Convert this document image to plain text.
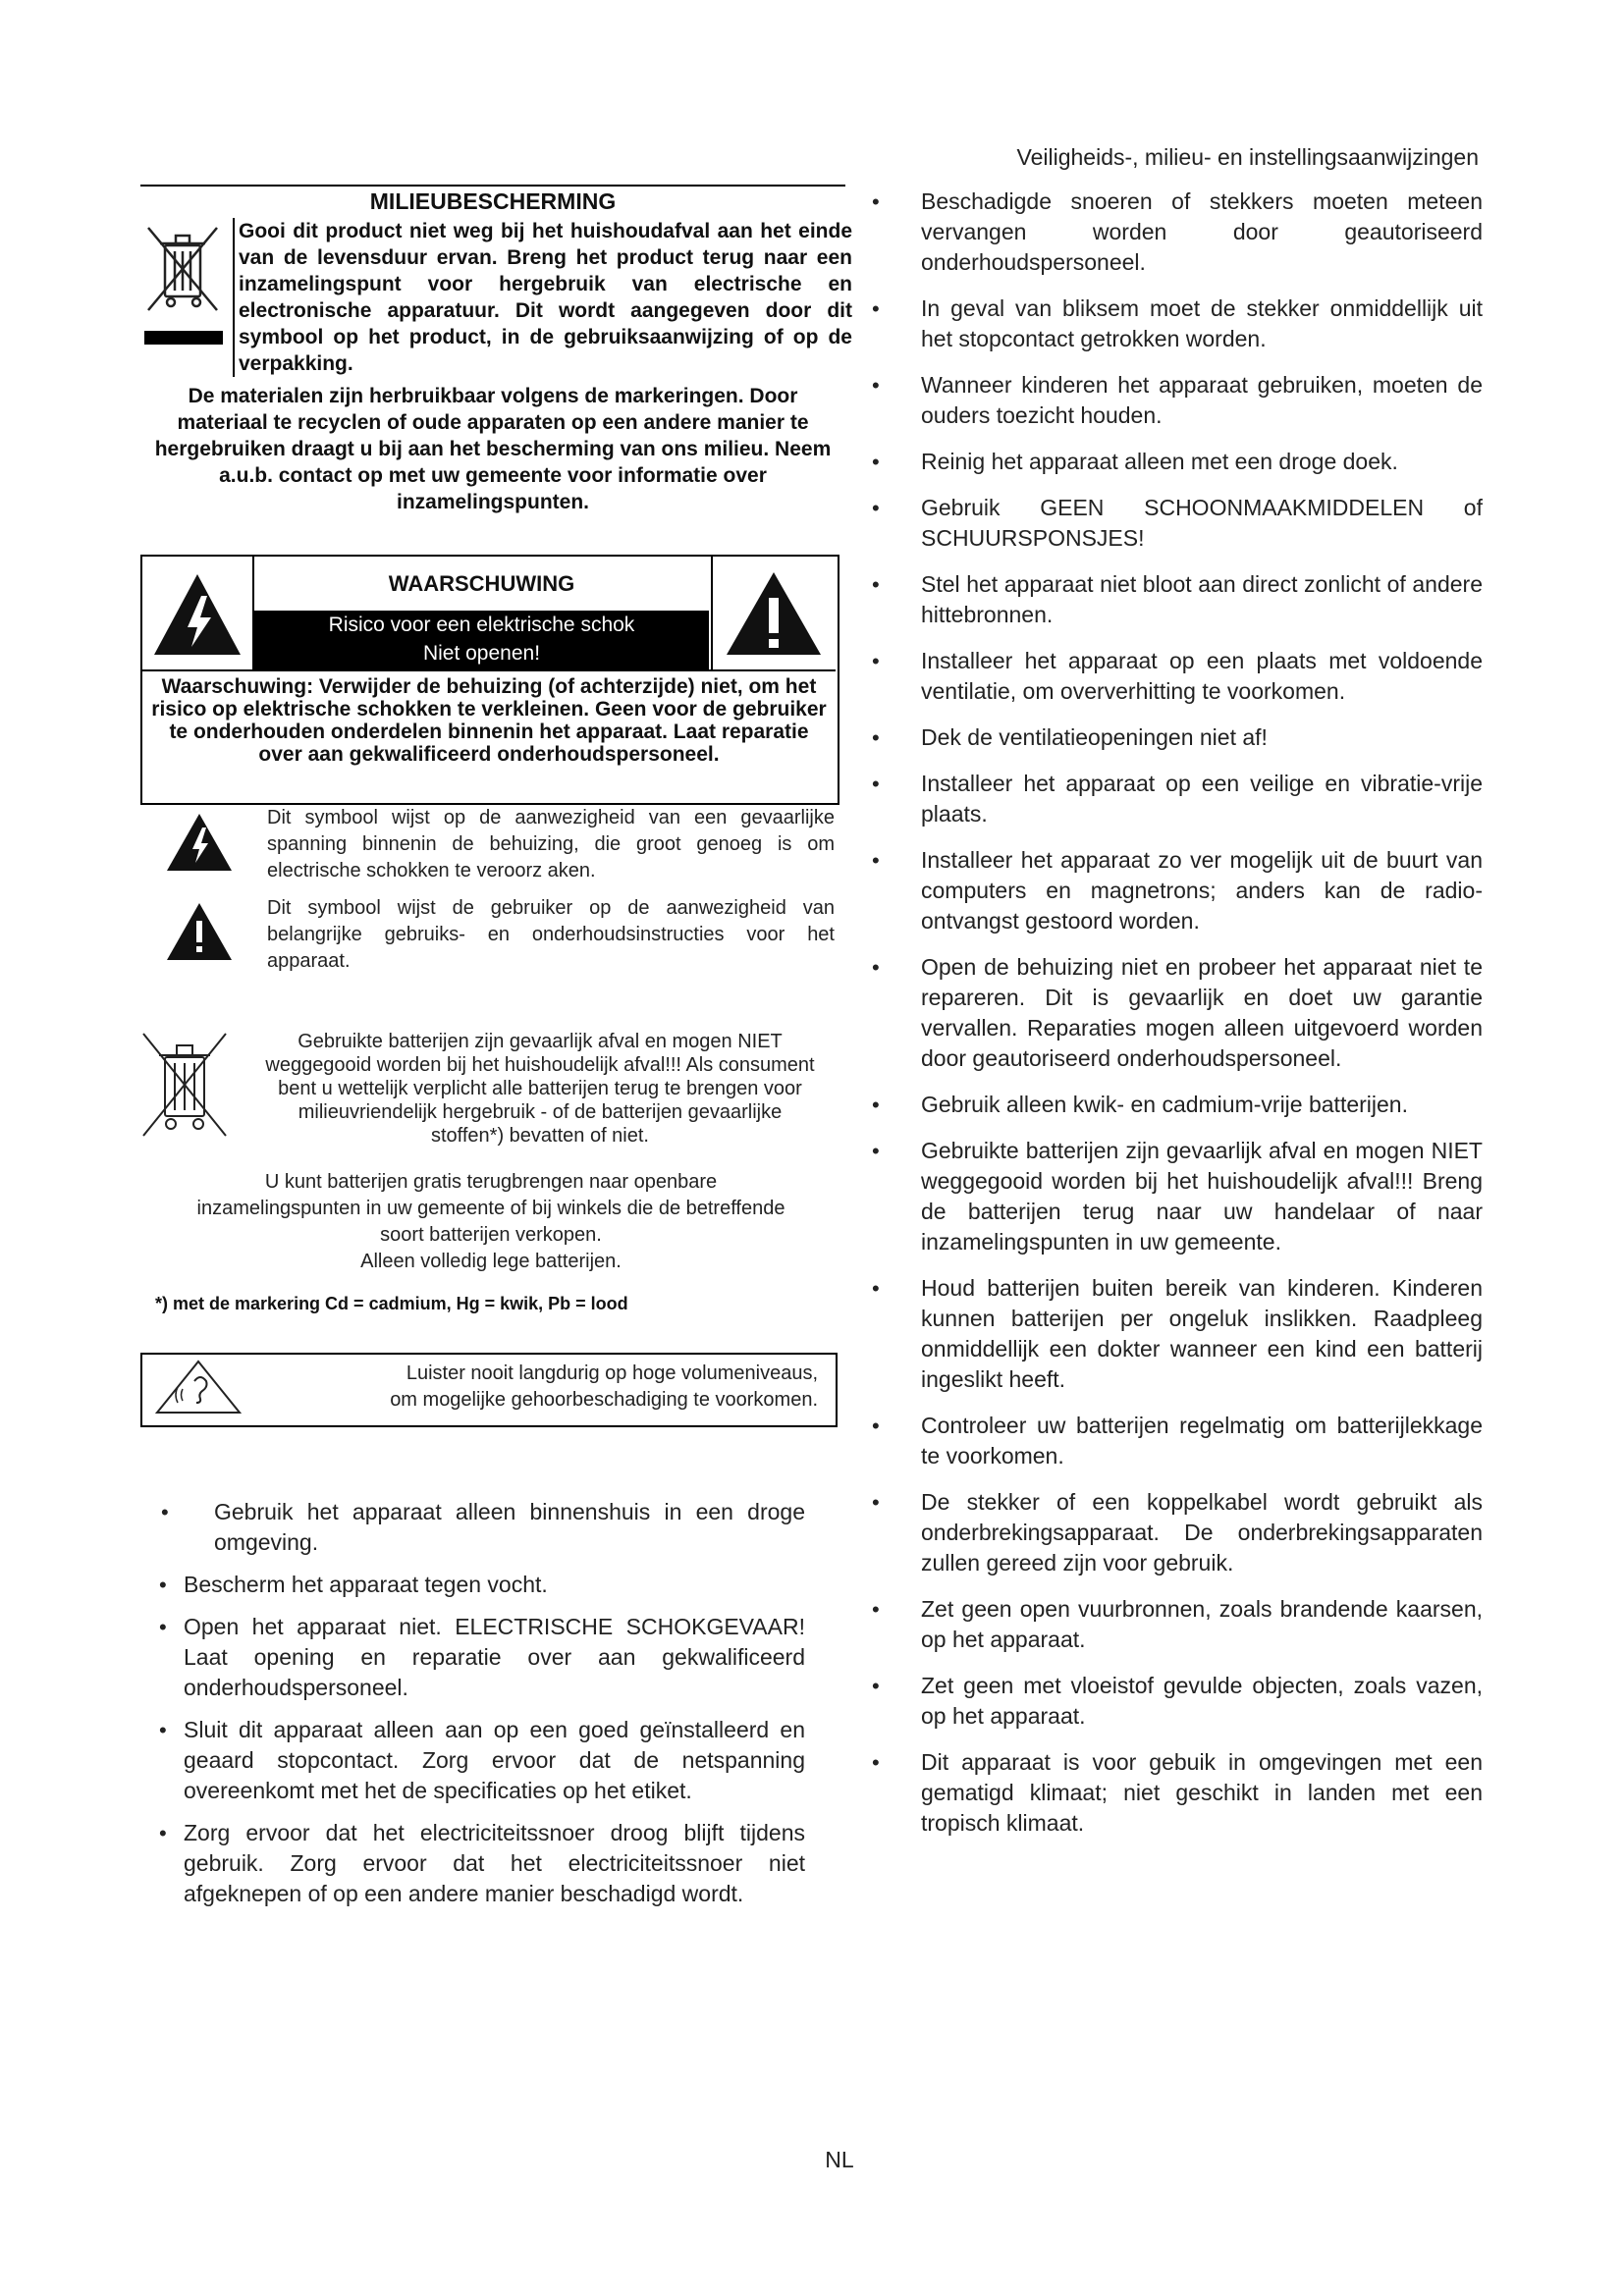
Veiligheids-, milieu- en instellingsaanwijzingen
MILIEUBESCHERMING
Gooi dit product niet weg bij het huishoudafval aan het einde van de levensduur ervan. Breng het product terug naar een inzamelingspunt voor hergebruik van electrische en electronische apparatuur. Dit wordt aangegeven door dit symbool op het product, in de gebruiksaanwijzing of op de verpakking.
De materialen zijn herbruikbaar volgens de markeringen. Door materiaal te recyclen of oude apparaten op een andere manier te hergebruiken draagt u bij aan het bescherming van ons milieu. Neem a.u.b. contact op met uw gemeente voor informatie over inzamelingspunten.
WAARSCHUWING
Risico voor een elektrische schok
Niet openen!
Waarschuwing: Verwijder de behuizing (of achterzijde) niet, om het risico op elektrische schokken te verkleinen. Geen voor de gebruiker te onderhouden onderdelen binnenin het apparaat. Laat reparatie over aan gekwalificeerd onderhoudspersoneel.
Dit symbool wijst op de aanwezigheid van een gevaarlijke spanning binnenin de behuizing, die groot genoeg is om electrische schokken te veroorz aken.
Dit symbool wijst de gebruiker op de aanwezigheid van belangrijke gebruiks- en onderhoudsinstructies voor het apparaat.
Gebruikte batterijen zijn gevaarlijk afval en mogen NIET weggegooid worden bij het huishoudelijk afval!!! Als consument bent u wettelijk verplicht alle batterijen terug te brengen voor milieuvriendelijk hergebruik - of de batterijen gevaarlijke stoffen*) bevatten of niet.
U kunt batterijen gratis terugbrengen naar openbare inzamelingspunten in uw gemeente of bij winkels die de betreffende soort batterijen verkopen.
Alleen volledig lege batterijen.
*) met de markering Cd = cadmium, Hg = kwik, Pb = lood
Luister nooit langdurig op hoge volumeniveaus,
om mogelijke gehoorbeschadiging te voorkomen.
• Gebruik het apparaat alleen binnenshuis in een droge omgeving.
• Bescherm het apparaat tegen vocht.
• Open het apparaat niet. ELECTRISCHE SCHOKGEVAAR! Laat opening en reparatie over aan gekwalificeerd onderhoudspersoneel.
• Sluit dit apparaat alleen aan op een goed geïnstalleerd en geaard stopcontact. Zorg ervoor dat de netspanning overeenkomt met het de specificaties op het etiket.
• Zorg ervoor dat het electriciteitssnoer droog blijft tijdens gebruik. Zorg ervoor dat het electriciteitssnoer niet afgeknepen of op een andere manier beschadigd wordt.
• Beschadigde snoeren of stekkers moeten meteen vervangen worden door geautoriseerd onderhoudspersoneel.
• In geval van bliksem moet de stekker onmiddellijk uit het stopcontact getrokken worden.
• Wanneer kinderen het apparaat gebruiken, moeten de ouders toezicht houden.
• Reinig het apparaat alleen met een droge doek.
• Gebruik GEEN SCHOONMAAKMIDDELEN of SCHUURSPONSJES!
• Stel het apparaat niet bloot aan direct zonlicht of andere hittebronnen.
• Installeer het apparaat op een plaats met voldoende ventilatie, om oververhitting te voorkomen.
• Dek de ventilatieopeningen niet af!
• Installeer het apparaat op een veilige en vibratie-vrije plaats.
• Installeer het apparaat zo ver mogelijk uit de buurt van computers en magnetrons; anders kan de radio-ontvangst gestoord worden.
• Open de behuizing niet en probeer het apparaat niet te repareren. Dit is gevaarlijk en doet uw garantie vervallen. Reparaties mogen alleen uitgevoerd worden door geautoriseerd onderhoudspersoneel.
• Gebruik alleen kwik- en cadmium-vrije batterijen.
• Gebruikte batterijen zijn gevaarlijk afval en mogen NIET weggegooid worden bij het huishoudelijk afval!!! Breng de batterijen terug naar uw handelaar of naar inzamelingspunten in uw gemeente.
• Houd batterijen buiten bereik van kinderen. Kinderen kunnen batterijen per ongeluk inslikken. Raadpleeg onmiddellijk een dokter wanneer een kind een batterij ingeslikt heeft.
• Controleer uw batterijen regelmatig om batterijlekkage te voorkomen.
• De stekker of een koppelkabel wordt gebruikt als onderbrekingsapparaat. De onderbrekingsapparaten zullen gereed zijn voor gebruik.
• Zet geen open vuurbronnen, zoals brandende kaarsen, op het apparaat.
• Zet geen met vloeistof gevulde objecten, zoals vazen, op het apparaat.
• Dit apparaat is voor gebuik in omgevingen met een gematigd klimaat; niet geschikt in landen met een tropisch klimaat.
NL
